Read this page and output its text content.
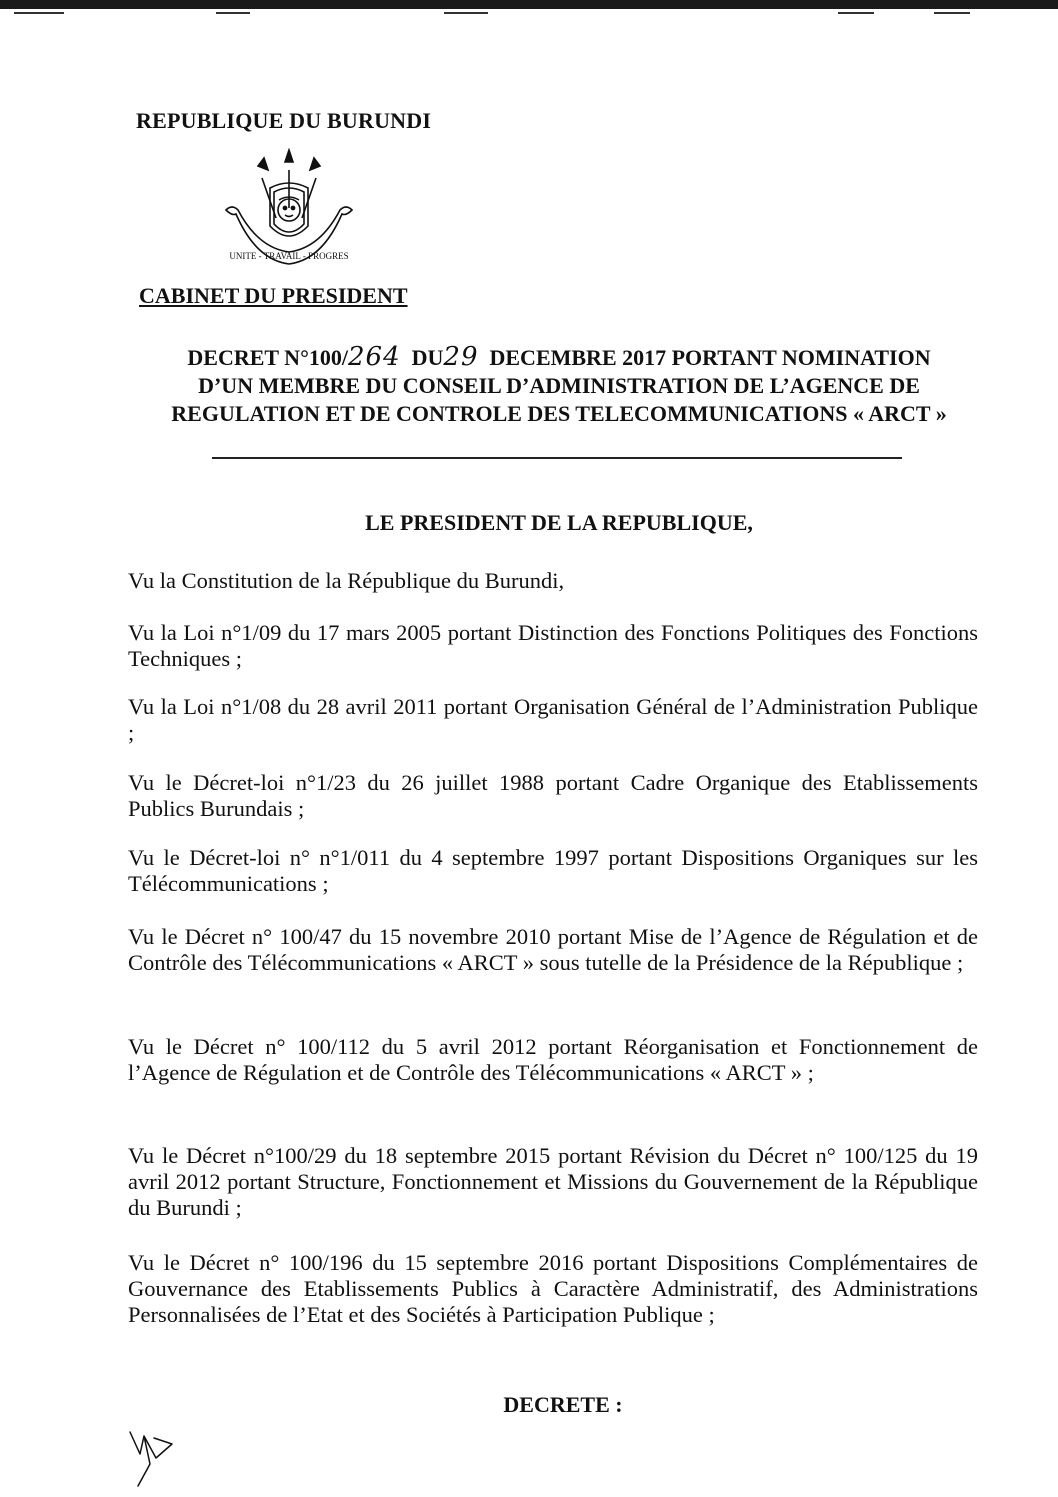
REPUBLIQUE DU BURUNDI
UNITE - TRAVAIL - PROGRES
CABINET DU PRESIDENT
DECRET N°100/264 DU29 DECEMBRE 2017 PORTANT NOMINATION
D’UN MEMBRE DU CONSEIL D’ADMINISTRATION DE L’AGENCE DE
REGULATION ET DE CONTROLE DES TELECOMMUNICATIONS « ARCT »
LE PRESIDENT DE LA REPUBLIQUE,
Vu la Constitution de la République du Burundi,
Vu la Loi n°1/09 du 17 mars 2005 portant Distinction des Fonctions Politiques des Fonctions Techniques ;
Vu la Loi n°1/08 du 28 avril 2011 portant Organisation Général de l’Administration Publique ;
Vu le Décret-loi n°1/23 du 26 juillet 1988 portant Cadre Organique des Etablissements Publics Burundais ;
Vu le Décret-loi n° n°1/011 du 4 septembre 1997 portant Dispositions Organiques sur les Télécommunications ;
Vu le Décret n° 100/47 du 15 novembre 2010 portant Mise de l’Agence de Régulation et de Contrôle des Télécommunications « ARCT » sous tutelle de la Présidence de la République ;
Vu le Décret n° 100/112 du 5 avril 2012 portant Réorganisation et Fonctionnement de l’Agence de Régulation et de Contrôle des Télécommunications « ARCT » ;
Vu le Décret n°100/29 du 18 septembre 2015 portant Révision du Décret n° 100/125 du 19 avril 2012 portant Structure, Fonctionnement et Missions du Gouvernement de la République du Burundi ;
Vu le Décret n° 100/196 du 15 septembre 2016 portant Dispositions Complémentaires de Gouvernance des Etablissements Publics à Caractère Administratif, des Administrations Personnalisées de l’Etat et des Sociétés à Participation Publique ;
DECRETE :
